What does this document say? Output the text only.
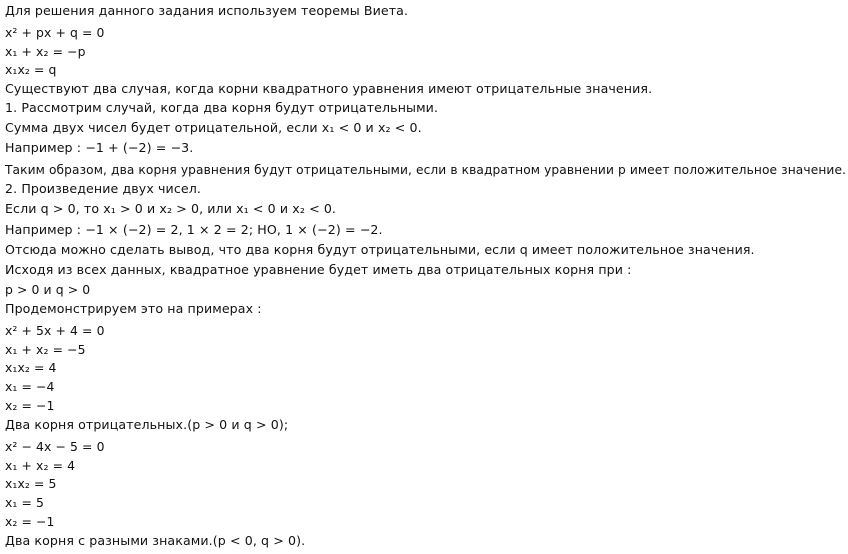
Для решения данного задания используем теоремы Виета.
x² + px + q = 0
x₁ + x₂ = −p
x₁x₂ = q
Существуют два случая, когда корни квадратного уравнения имеют отрицательные значения.
1. Рассмотрим случай, когда два корня будут отрицательными.
Сумма двух чисел будет отрицательной, если x₁ < 0 и x₂ < 0.
Например : −1 + (−2) = −3.
Таким образом, два корня уравнения будут отрицательными, если в квадратном уравнении p имеет положительное значение.
2. Произведение двух чисел.
Если q > 0, то x₁ > 0 и x₂ > 0, или x₁ < 0 и x₂ < 0.
Например : −1 × (−2) = 2, 1 × 2 = 2; НО, 1 × (−2) = −2.
Отсюда можно сделать вывод, что два корня будут отрицательными, если q имеет положительное значения.
Исходя из всех данных, квадратное уравнение будет иметь два отрицательных корня при :
p > 0 и q > 0
Продемонстрируем это на примерах :
x² + 5x + 4 = 0
x₁ + x₂ = −5
x₁x₂ = 4
x₁ = −4
x₂ = −1
Два корня отрицательных.(p > 0 и q > 0);
x² − 4x − 5 = 0
x₁ + x₂ = 4
x₁x₂ = 5
x₁ = 5
x₂ = −1
Два корня с разными знаками.(p < 0, q > 0).
